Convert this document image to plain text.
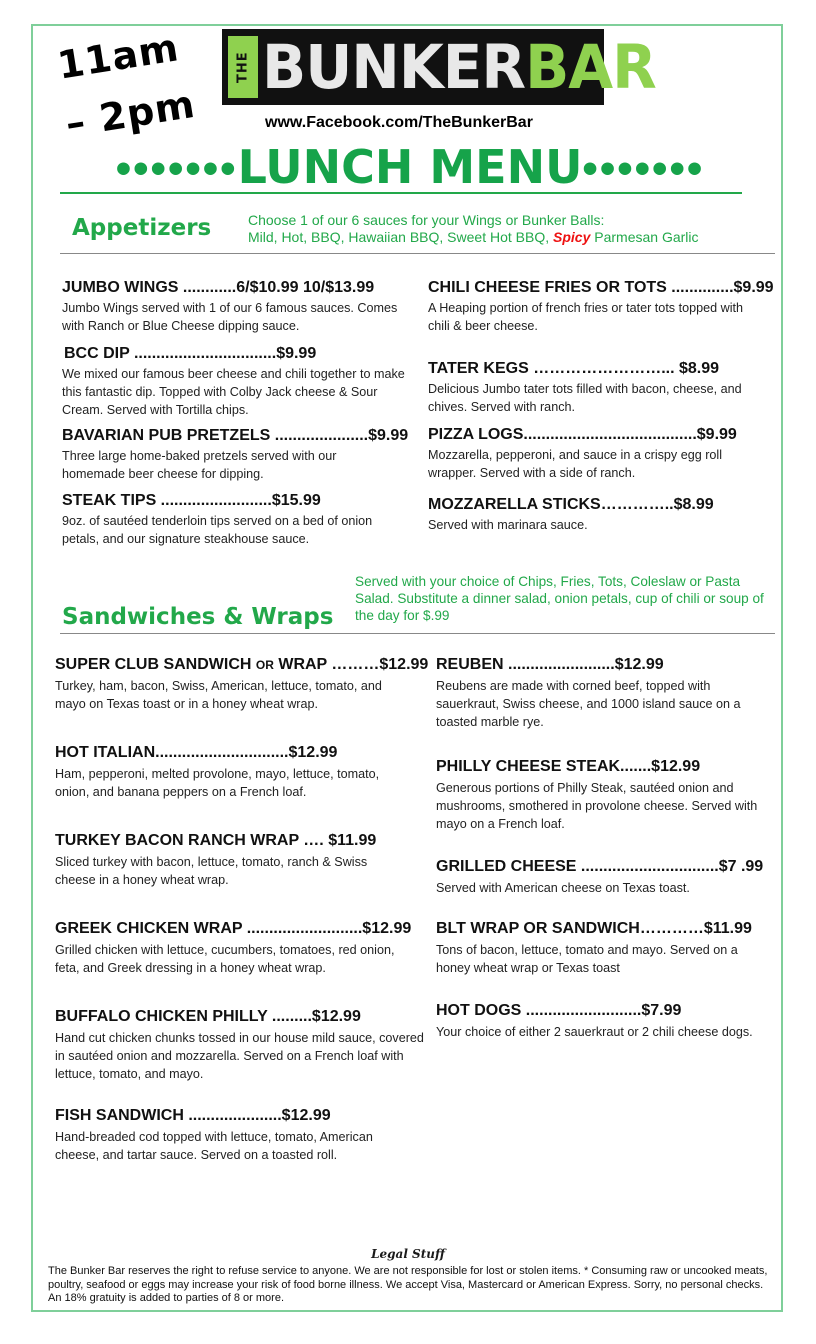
11am
– 2pm
THE BUNKER BAR
www.Facebook.com/TheBunkerBar
•••••••LUNCH MENU•••••••
Appetizers	Choose 1 of our 6 sauces for your Wings or Bunker Balls:
Mild, Hot, BBQ, Hawaiian BBQ, Sweet Hot BBQ, Spicy Parmesan Garlic
JUMBO WINGS ............6/$10.99 10/$13.99
Jumbo Wings served with 1 of our 6 famous sauces. Comes with Ranch or Blue Cheese dipping sauce.
BCC DIP ................................$9.99
We mixed our famous beer cheese and chili together to make this fantastic dip. Topped with Colby Jack cheese & Sour Cream. Served with Tortilla chips.
BAVARIAN PUB PRETZELS .....................$9.99
Three large home-baked pretzels served with our homemade beer cheese for dipping.
STEAK TIPS .........................$15.99
9oz. of sautéed tenderloin tips served on a bed of onion petals, and our signature steakhouse sauce.
CHILI CHEESE FRIES OR TOTS ..............$9.99
A Heaping portion of french fries or tater tots topped with chili & beer cheese.
TATER KEGS ……………………... $8.99
Delicious Jumbo tater tots filled with bacon, cheese, and chives. Served with ranch.
PIZZA LOGS.......................................$9.99
Mozzarella, pepperoni, and sauce in a crispy egg roll wrapper. Served with a side of ranch.
MOZZARELLA STICKS…………..$8.99
Served with marinara sauce.
Sandwiches & Wraps
Served with your choice of Chips, Fries, Tots, Coleslaw or Pasta Salad. Substitute a dinner salad, onion petals, cup of chili or soup of the day for $.99
SUPER CLUB SANDWICH OR WRAP ………$12.99
Turkey, ham, bacon, Swiss, American, lettuce, tomato, and mayo on Texas toast or in a honey wheat wrap.
HOT ITALIAN..............................$12.99
Ham, pepperoni, melted provolone, mayo, lettuce, tomato, onion, and banana peppers on a French loaf.
TURKEY BACON RANCH WRAP …. $11.99
Sliced turkey with bacon, lettuce, tomato, ranch & Swiss cheese in a honey wheat wrap.
GREEK CHICKEN WRAP ..........................$12.99
Grilled chicken with lettuce, cucumbers, tomatoes, red onion, feta, and Greek dressing in a honey wheat wrap.
BUFFALO CHICKEN PHILLY .........$12.99
Hand cut chicken chunks tossed in our house mild sauce, covered in sautéed onion and mozzarella. Served on a French loaf with lettuce, tomato, and mayo.
FISH SANDWICH .....................$12.99
Hand-breaded cod topped with lettuce, tomato, American cheese, and tartar sauce. Served on a toasted roll.
REUBEN ........................$12.99
Reubens are made with corned beef, topped with sauerkraut, Swiss cheese, and 1000 island sauce on a toasted marble rye.
PHILLY CHEESE STEAK.......$12.99
Generous portions of Philly Steak, sautéed onion and mushrooms, smothered in provolone cheese. Served with mayo on a French loaf.
GRILLED CHEESE ...............................$7 .99
Served with American cheese on Texas toast.
BLT WRAP OR SANDWICH…………$11.99
Tons of bacon, lettuce, tomato and mayo. Served on a honey wheat wrap or Texas toast
HOT DOGS ..........................$7.99
Your choice of either 2 sauerkraut or 2 chili cheese dogs.
Legal Stuff
The Bunker Bar reserves the right to refuse service to anyone. We are not responsible for lost or stolen items. * Consuming raw or uncooked meats, poultry, seafood or eggs may increase your risk of food borne illness. We accept Visa, Mastercard or American Express. Sorry, no personal checks. An 18% gratuity is added to parties of 8 or more.
